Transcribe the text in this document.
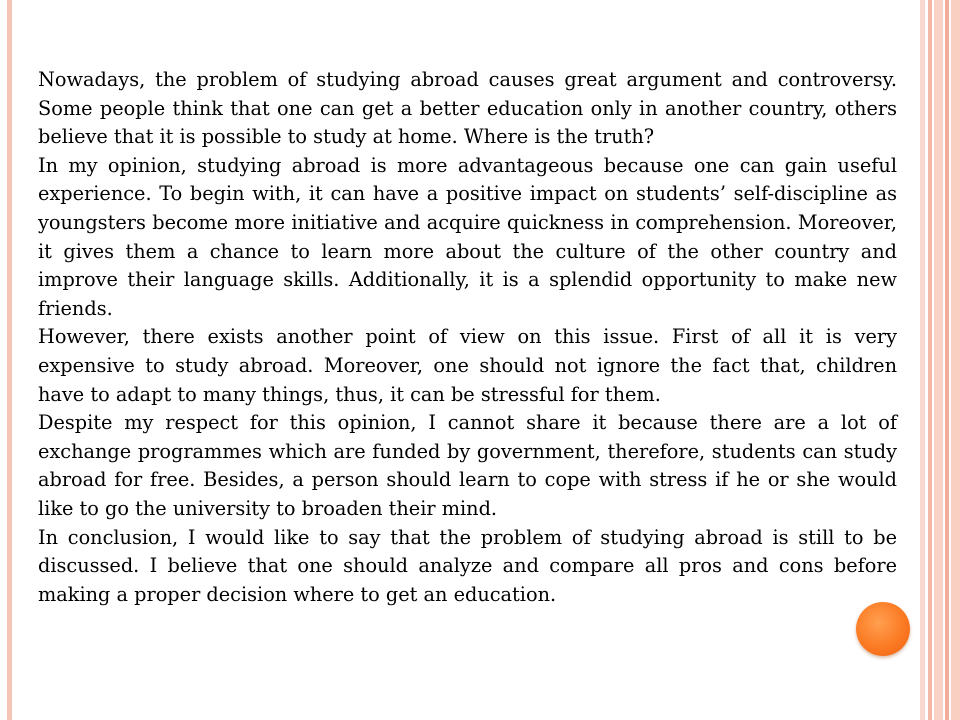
Nowadays, the problem of studying abroad causes great argument and controversy. Some people think that one can get a better education only in another country, others believe that it is possible to study at home. Where is the truth?

In my opinion, studying abroad is more advantageous because one can gain useful experience. To begin with, it can have a positive impact on students’ self-discipline as youngsters become more initiative and acquire quickness in comprehension. Moreover, it gives them a chance to learn more about the culture of the other country and improve their language skills. Additionally, it is a splendid opportunity to make new friends.

However, there exists another point of view on this issue. First of all it is very expensive to study abroad. Moreover, one should not ignore the fact that, children have to adapt to many things, thus, it can be stressful for them.

Despite my respect for this opinion, I cannot share it because there are a lot of exchange programmes which are funded by government, therefore, students can study abroad for free. Besides, a person should learn to cope with stress if he or she would like to go the university to broaden their mind.

In conclusion, I would like to say that the problem of studying abroad is still to be discussed. I believe that one should analyze and compare all pros and cons before making a proper decision where to get an education.
